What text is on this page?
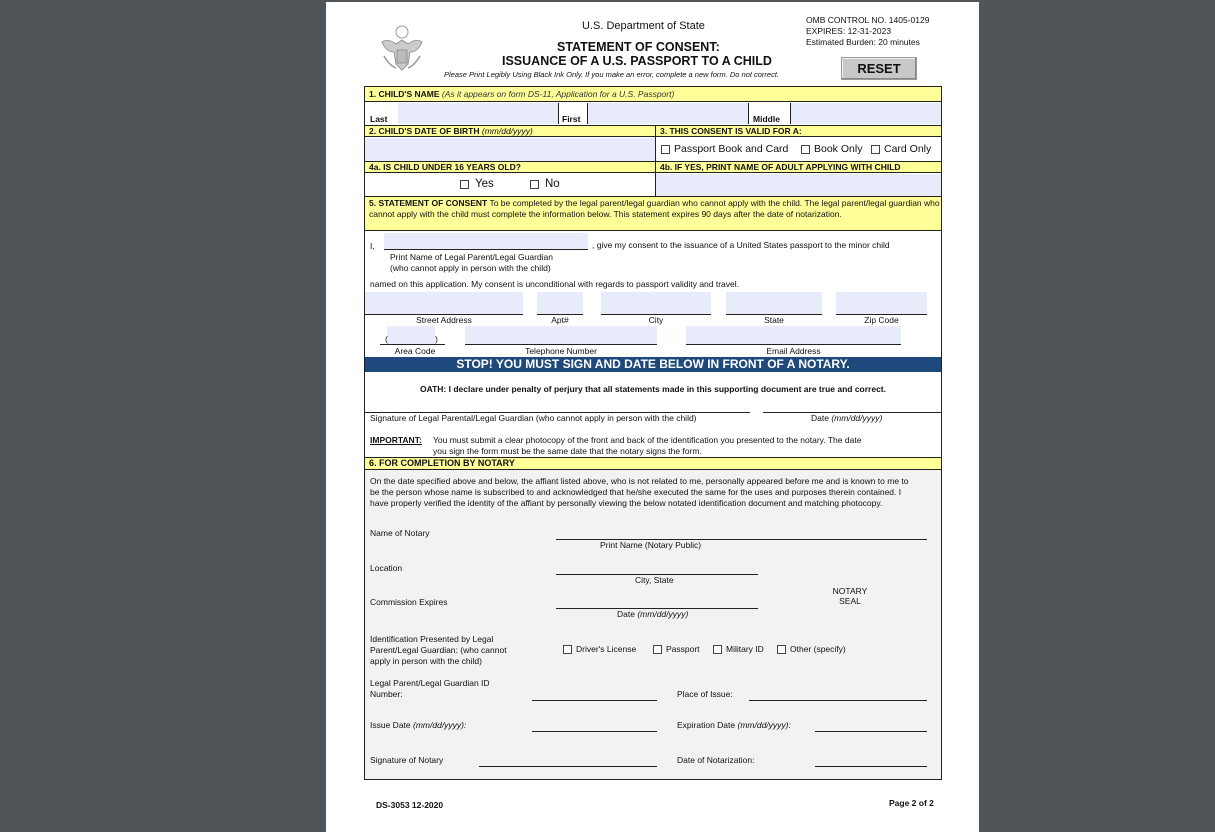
U.S. Department of State
STATEMENT OF CONSENT:
ISSUANCE OF A U.S. PASSPORT TO A CHILD
Please Print Legibly Using Black Ink Only. If you make an error, complete a new form. Do not correct.
OMB CONTROL NO. 1405-0129
EXPIRES: 12-31-2023
Estimated Burden: 20 minutes
RESET
1. CHILD'S NAME (As it appears on form DS-11, Application for a U.S. Passport)
Last	First	Middle
2. CHILD'S DATE OF BIRTH (mm/dd/yyyy)	3. THIS CONSENT IS VALID FOR A:
Passport Book and Card Book Only Card Only
4a. IS CHILD UNDER 16 YEARS OLD?	4b. IF YES, PRINT NAME OF ADULT APPLYING WITH CHILD
Yes	No
5. STATEMENT OF CONSENT To be completed by the legal parent/legal guardian who cannot apply with the child. The legal parent/legal guardian who cannot apply with the child must complete the information below. This statement expires 90 days after the date of notarization.
I,	, give my consent to the issuance of a United States passport to the minor child
Print Name of Legal Parent/Legal Guardian
(who cannot apply in person with the child)
named on this application. My consent is unconditional with regards to passport validity and travel.
Street Address	Apt#	City	State	Zip Code
(	)
Area Code	Telephone Number	Email Address
STOP! YOU MUST SIGN AND DATE BELOW IN FRONT OF A NOTARY.
OATH: I declare under penalty of perjury that all statements made in this supporting document are true and correct.
Signature of Legal Parental/Legal Guardian (who cannot apply in person with the child)	Date (mm/dd/yyyy)
IMPORTANT: You must submit a clear photocopy of the front and back of the identification you presented to the notary. The date
you sign the form must be the same date that the notary signs the form.
6. FOR COMPLETION BY NOTARY
On the date specified above and below, the affiant listed above, who is not related to me, personally appeared before me and is known to me to be the person whose name is subscribed to and acknowledged that he/she executed the same for the uses and purposes therein contained. I have properly verified the identity of the affiant by personally viewing the below notated identification document and matching photocopy.
Name of Notary
Print Name (Notary Public)
Location
City, State
Commission Expires
Date (mm/dd/yyyy)
NOTARY
SEAL
Identification Presented by Legal
Parent/Legal Guardian: (who cannot
apply in person with the child)
Driver's License	Passport	Military ID	Other (specify)
Legal Parent/Legal Guardian ID
Number:	Place of Issue:
Issue Date (mm/dd/yyyy):	Expiration Date (mm/dd/yyyy):
Signature of Notary	Date of Notarization:
DS-3053 12-2020	Page 2 of 2
